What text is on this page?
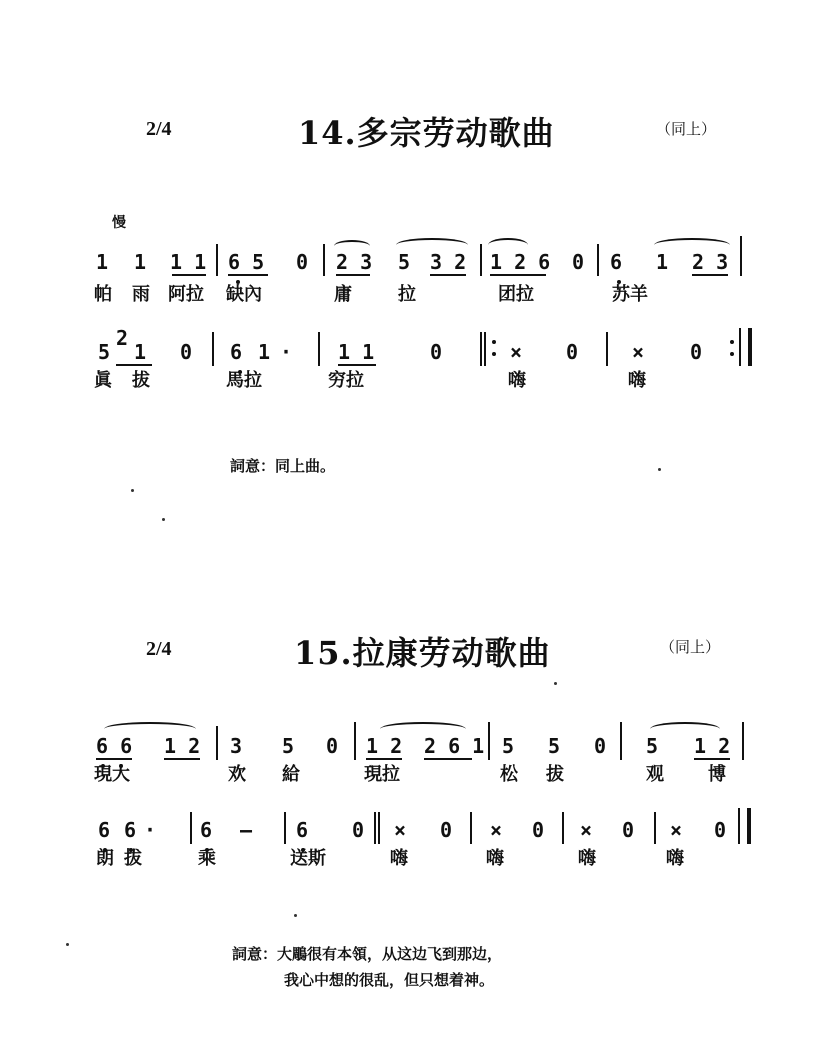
2/4	14.多宗劳动歌曲	（同上）
慢
1 1 1 1 6 5 0 2 3 5 3 2 1 2 6 0 6 1 2 3
帕 雨 阿拉 缺內	庸	拉	团拉	苏羊
5
2
1 0 6 1 · 1 1	0	× 0	× 0
眞 拔	馬拉	穷拉	嗨	嗨
詞意：同上曲。
2/4	15.拉康劳动歌曲	（同上）
6 6 1 2 3 5 0 1 2 2 6 1 5 5 0 5 1 2
現大	欢 給	現拉	松 拔	观 博
6 6 · 6 — 6 0 × 0 × 0 × 0 × 0
朗 拔	乘	送斯	嗨	嗨	嗨	嗨
詞意：大鵰很有本領，从这边飞到那边，
我心中想的很乱，但只想着神。
